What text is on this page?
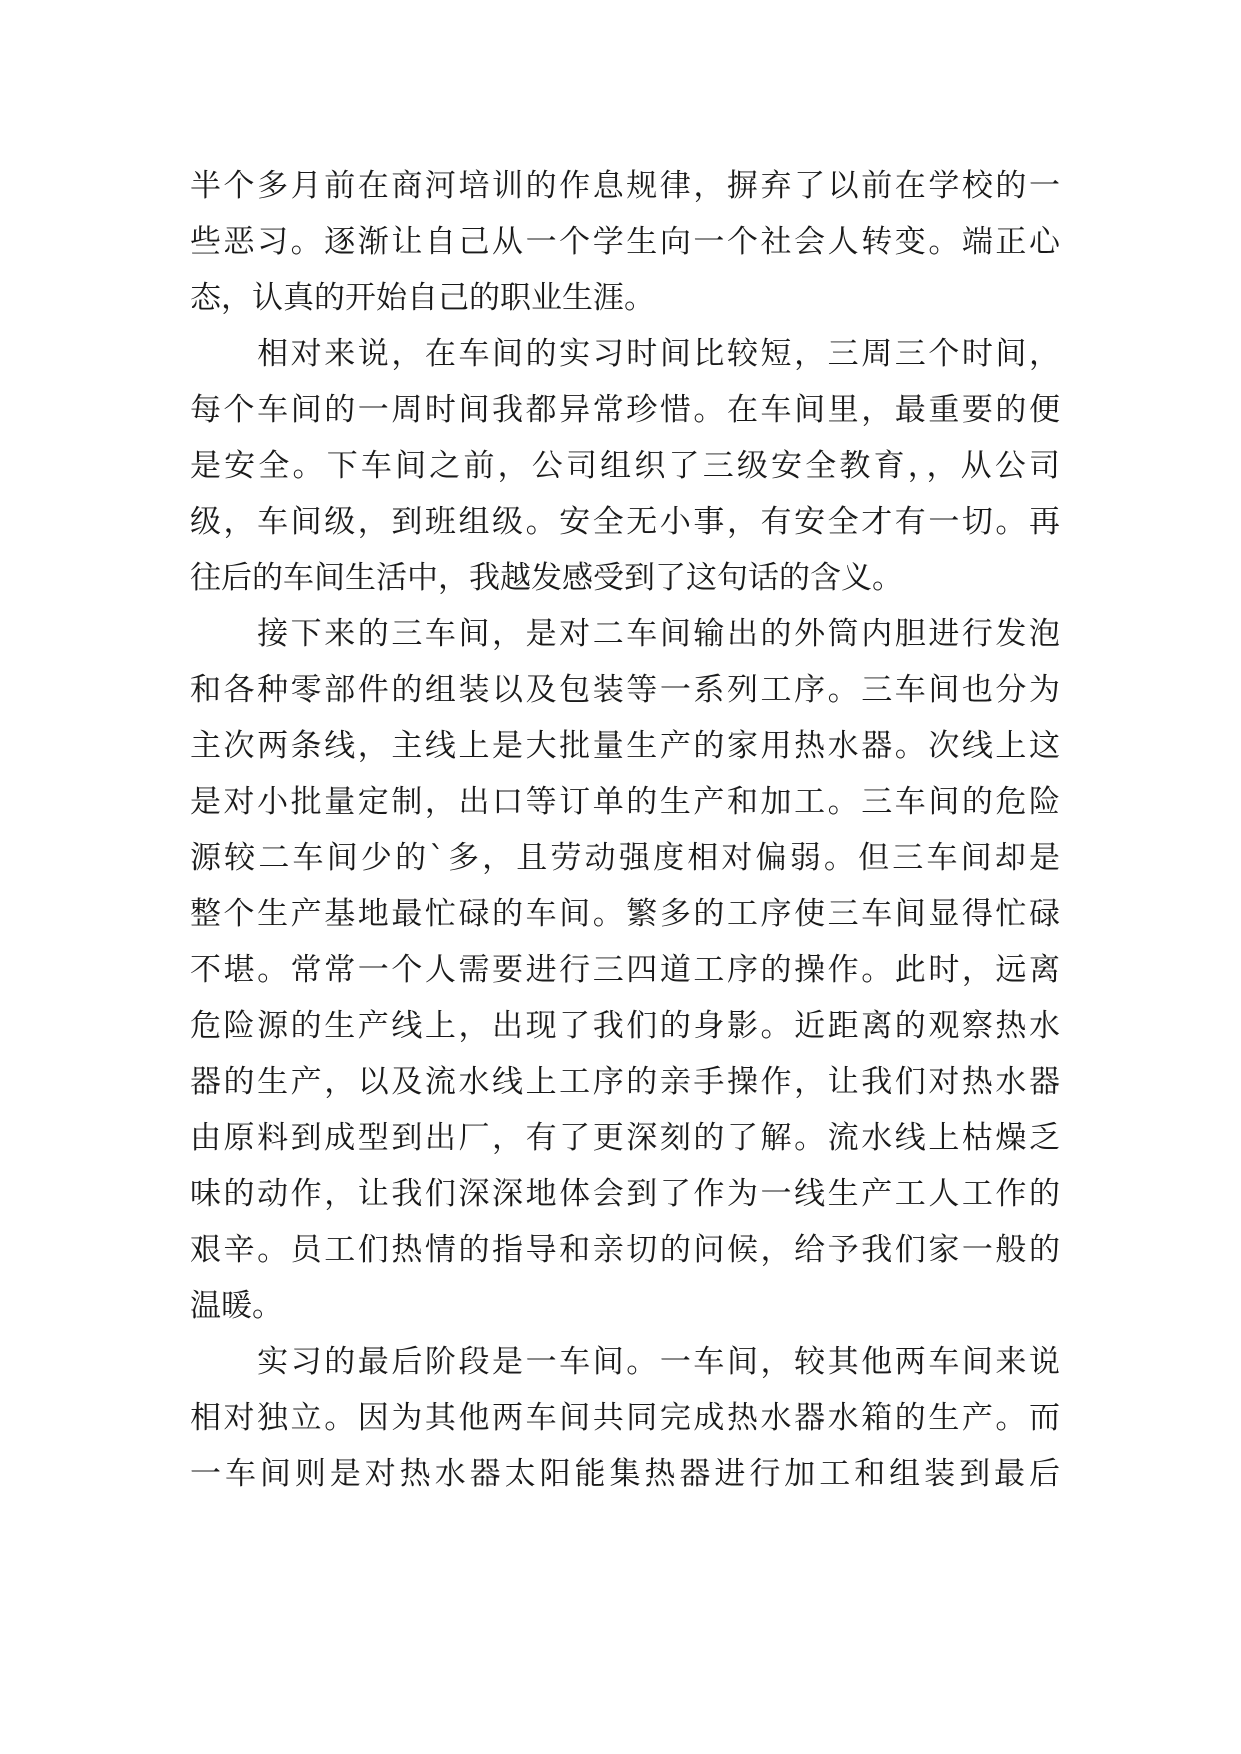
半个多月前在商河培训的作息规律，摒弃了以前在学校的一
些恶习。逐渐让自己从一个学生向一个社会人转变。端正心
态，认真的开始自己的职业生涯。
　　相对来说，在车间的实习时间比较短，三周三个时间，
每个车间的一周时间我都异常珍惜。在车间里，最重要的便
是安全。下车间之前，公司组织了三级安全教育，，从公司
级，车间级，到班组级。安全无小事，有安全才有一切。再
往后的车间生活中，我越发感受到了这句话的含义。
　　接下来的三车间，是对二车间输出的外筒内胆进行发泡
和各种零部件的组装以及包装等一系列工序。三车间也分为
主次两条线，主线上是大批量生产的家用热水器。次线上这
是对小批量定制，出口等订单的生产和加工。三车间的危险
源较二车间少的`多，且劳动强度相对偏弱。但三车间却是
整个生产基地最忙碌的车间。繁多的工序使三车间显得忙碌
不堪。常常一个人需要进行三四道工序的操作。此时，远离
危险源的生产线上，出现了我们的身影。近距离的观察热水
器的生产，以及流水线上工序的亲手操作，让我们对热水器
由原料到成型到出厂，有了更深刻的了解。流水线上枯燥乏
味的动作，让我们深深地体会到了作为一线生产工人工作的
艰辛。员工们热情的指导和亲切的问候，给予我们家一般的
温暖。
　　实习的最后阶段是一车间。一车间，较其他两车间来说
相对独立。因为其他两车间共同完成热水器水箱的生产。而
一车间则是对热水器太阳能集热器进行加工和组装到最后
